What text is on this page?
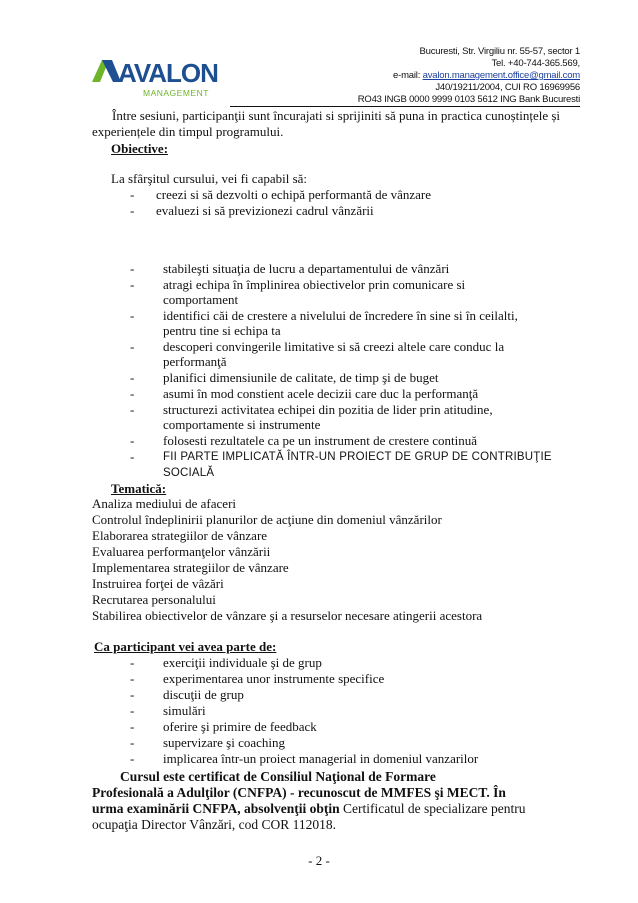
AVALON
MANAGEMENT
Bucuresti, Str. Virgiliu nr. 55-57, sector 1
Tel. +40-744-365.569,
e-mail: avalon.management.office@gmail.com
J40/19211/2004, CUI RO 16969956
RO43 INGB 0000 9999 0103 5612 ING Bank Bucuresti
Între sesiuni, participanţii sunt încurajati si sprijiniti să puna in practica cunoștințele și
experiențele din timpul programului.
Obiective:
La sfârşitul cursului, vei fi capabil să:
- creezi si să dezvolti o echipă performantă de vânzare
- evaluezi si să previzionezi cadrul vânzării
- stabileşti situaţia de lucru a departamentului de vânzări
- atragi echipa în împlinirea obiectivelor prin comunicare si
comportament
- identifici căi de crestere a nivelului de încredere în sine si în ceilalti,
pentru tine si echipa ta
- descoperi convingerile limitative si să creezi altele care conduc la
performanţă
- planifici dimensiunile de calitate, de timp şi de buget
- asumi în mod constient acele decizii care duc la performanţă
- structurezi activitatea echipei din pozitia de lider prin atitudine,
comportamente si instrumente
- folosesti rezultatele ca pe un instrument de crestere continuă
- FII PARTE IMPLICATĂ ÎNTR-UN PROIECT DE GRUP DE CONTRIBUŢIE
SOCIALĂ
Tematică:
Analiza mediului de afaceri
Controlul îndeplinirii planurilor de acţiune din domeniul vânzărilor
Elaborarea strategiilor de vânzare
Evaluarea performanţelor vânzării
Implementarea strategiilor de vânzare
Instruirea forţei de vâzări
Recrutarea personalului
Stabilirea obiectivelor de vânzare şi a resurselor necesare atingerii acestora
Ca participant vei avea parte de:
- exerciţii individuale şi de grup
- experimentarea unor instrumente specifice
- discuţii de grup
- simulări
- oferire şi primire de feedback
- supervizare şi coaching
- implicarea într-un proiect managerial in domeniul vanzarilor
Cursul este certificat de Consiliul Naţional de Formare
Profesională a Adulţilor (CNFPA) - recunoscut de MMFES şi MECT. În
urma examinării CNFPA, absolvenţii obţin Certificatul de specializare pentru
ocupaţia Director Vânzări, cod COR 112018.
- 2 -
